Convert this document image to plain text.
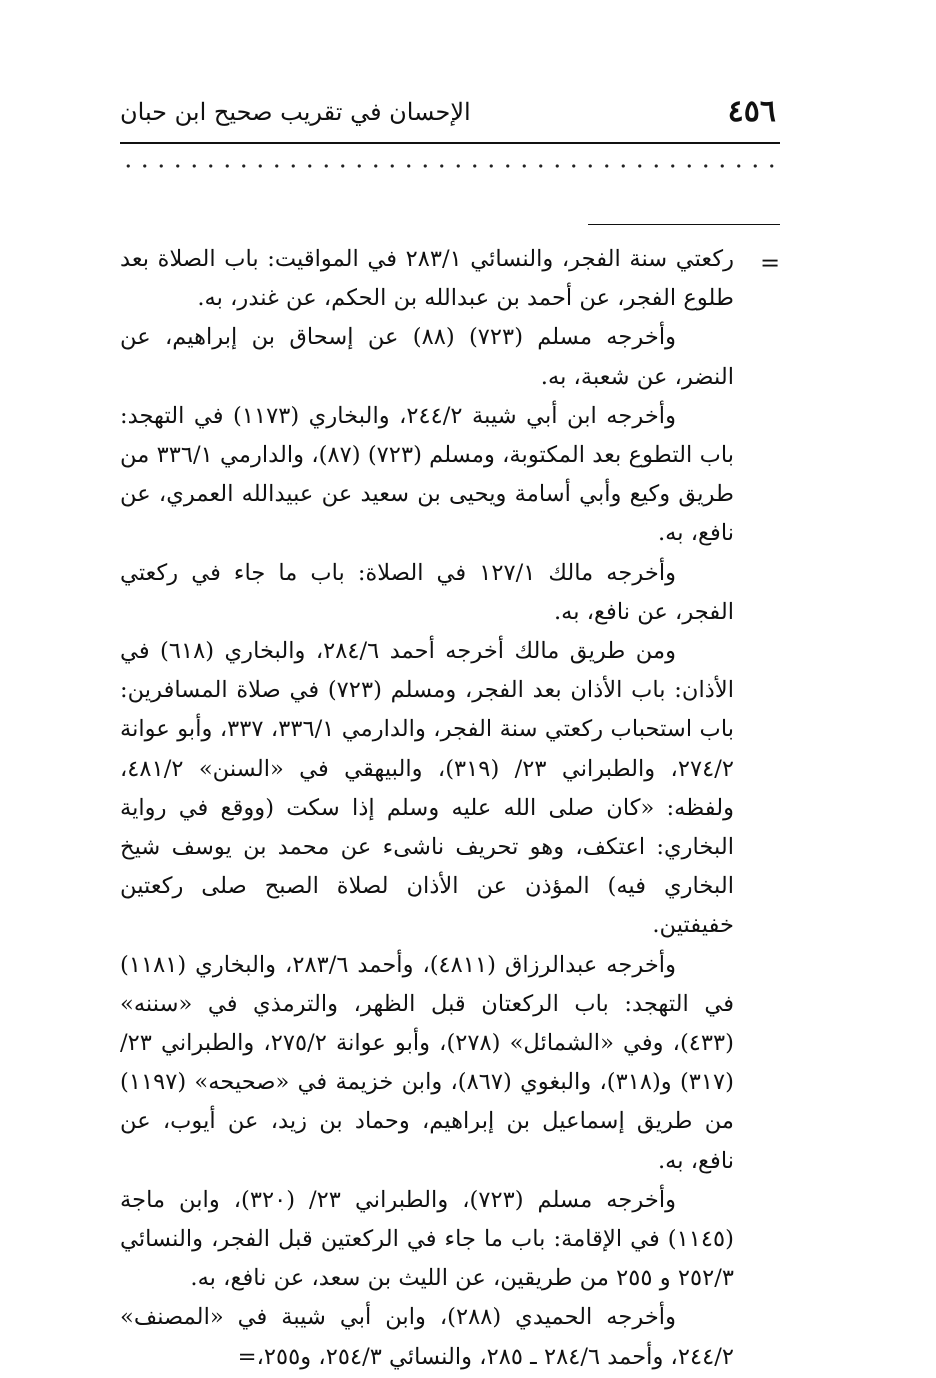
٤٥٦
الإحسان في تقريب صحيح ابن حبان
=

ركعتي سنة الفجر، والنسائي ٢٨٣/١ في المواقيت: باب الصلاة بعد طلوع الفجر، عن أحمد بن عبدالله بن الحكم، عن غندر، به.

وأخرجه مسلم (٧٢٣) (٨٨) عن إسحاق بن إبراهيم، عن النضر، عن شعبة، به.

وأخرجه ابن أبي شيبة ٢٤٤/٢، والبخاري (١١٧٣) في التهجد: باب التطوع بعد المكتوبة، ومسلم (٧٢٣) (٨٧)، والدارمي ٣٣٦/١ من طريق وكيع وأبي أسامة ويحيى بن سعيد عن عبيدالله العمري، عن نافع، به.

وأخرجه مالك ١٢٧/١ في الصلاة: باب ما جاء في ركعتي الفجر، عن نافع، به.

ومن طريق مالك أخرجه أحمد ٢٨٤/٦، والبخاري (٦١٨) في الأذان: باب الأذان بعد الفجر، ومسلم (٧٢٣) في صلاة المسافرين: باب استحباب ركعتي سنة الفجر، والدارمي ٣٣٦/١، ٣٣٧، وأبو عوانة ٢٧٤/٢، والطبراني ٢٣/ (٣١٩)، والبيهقي في «السنن» ٤٨١/٢، ولفظه: «كان صلى الله عليه وسلم إذا سكت (ووقع في رواية البخاري: اعتكف، وهو تحريف ناشىء عن محمد بن يوسف شيخ البخاري فيه) المؤذن عن الأذان لصلاة الصبح صلى ركعتين خفيفتين.

وأخرجه عبدالرزاق (٤٨١١)، وأحمد ٢٨٣/٦، والبخاري (١١٨١) في التهجد: باب الركعتان قبل الظهر، والترمذي في «سننه» (٤٣٣)، وفي «الشمائل» (٢٧٨)، وأبو عوانة ٢٧٥/٢، والطبراني ٢٣/ (٣١٧) و(٣١٨)، والبغوي (٨٦٧)، وابن خزيمة في «صحيحه» (١١٩٧) من طريق إسماعيل بن إبراهيم، وحماد بن زيد، عن أيوب، عن نافع، به.

وأخرجه مسلم (٧٢٣)، والطبراني ٢٣/ (٣٢٠)، وابن ماجة (١١٤٥) في الإقامة: باب ما جاء في الركعتين قبل الفجر، والنسائي ٢٥٢/٣ و ٢٥٥ من طريقين، عن الليث بن سعد، عن نافع، به.

وأخرجه الحميدي (٢٨٨)، وابن أبي شيبة في «المصنف» ٢٤٤/٢، وأحمد ٢٨٤/٦ ـ ٢٨٥، والنسائي ٢٥٤/٣، و٢٥٥،=
